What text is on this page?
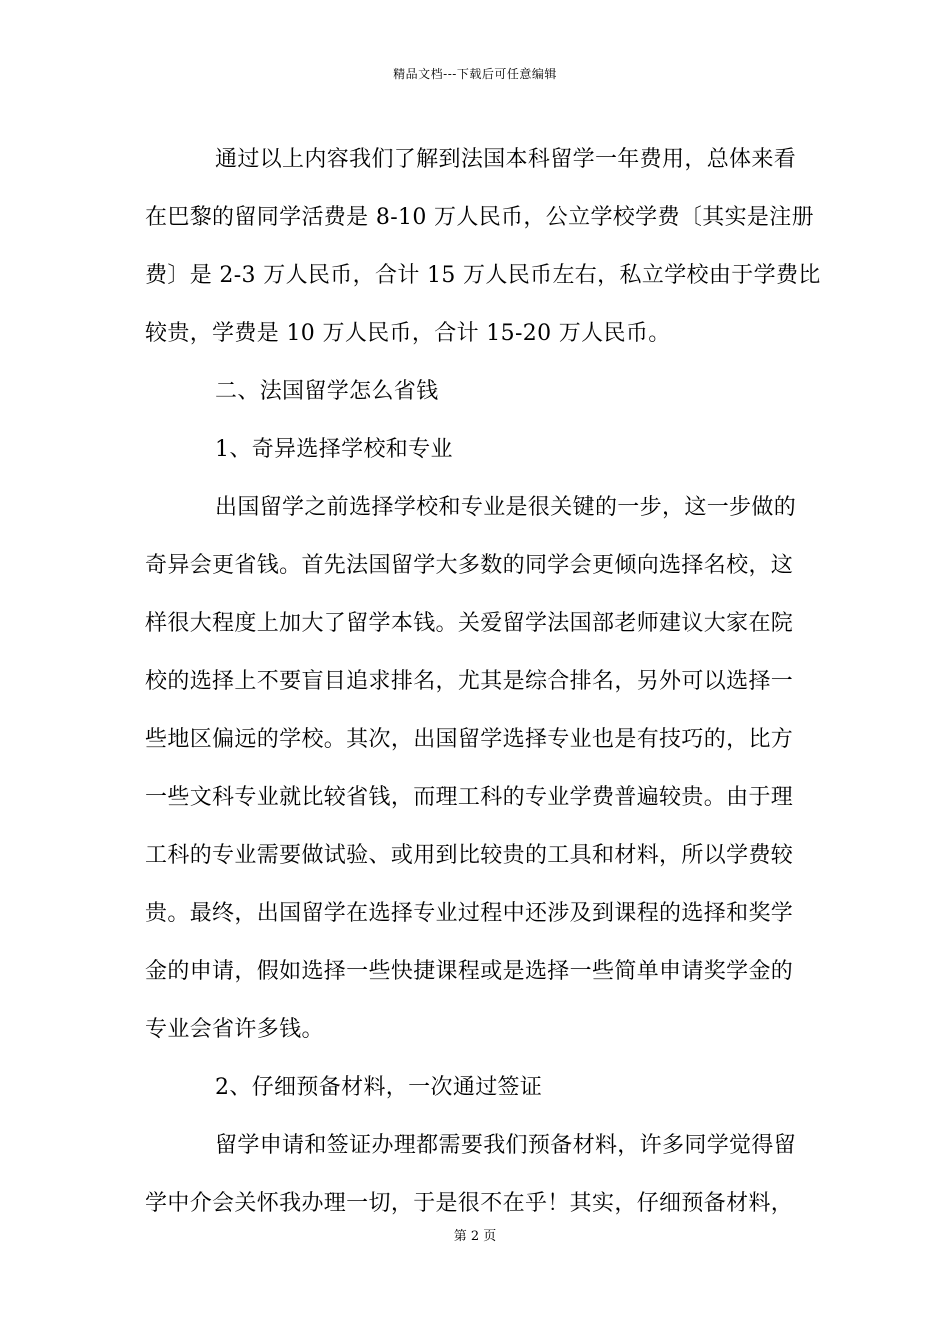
精品文档---下载后可任意编辑
通过以上内容我们了解到法国本科留学一年费用，总体来看
在巴黎的留同学活费是 8-10 万人民币，公立学校学费〔其实是注册
费〕是 2-3 万人民币，合计 15 万人民币左右，私立学校由于学费比
较贵，学费是 10 万人民币，合计 15-20 万人民币。
二、法国留学怎么省钱
1、奇异选择学校和专业
出国留学之前选择学校和专业是很关键的一步，这一步做的
奇异会更省钱。首先法国留学大多数的同学会更倾向选择名校，这
样很大程度上加大了留学本钱。关爱留学法国部老师建议大家在院
校的选择上不要盲目追求排名，尤其是综合排名，另外可以选择一
些地区偏远的学校。其次，出国留学选择专业也是有技巧的，比方
一些文科专业就比较省钱，而理工科的专业学费普遍较贵。由于理
工科的专业需要做试验、或用到比较贵的工具和材料，所以学费较
贵。最终，出国留学在选择专业过程中还涉及到课程的选择和奖学
金的申请，假如选择一些快捷课程或是选择一些简单申请奖学金的
专业会省许多钱。
2、仔细预备材料，一次通过签证
留学申请和签证办理都需要我们预备材料，许多同学觉得留
学中介会关怀我办理一切，于是很不在乎！其实，仔细预备材料，
第 2 页
